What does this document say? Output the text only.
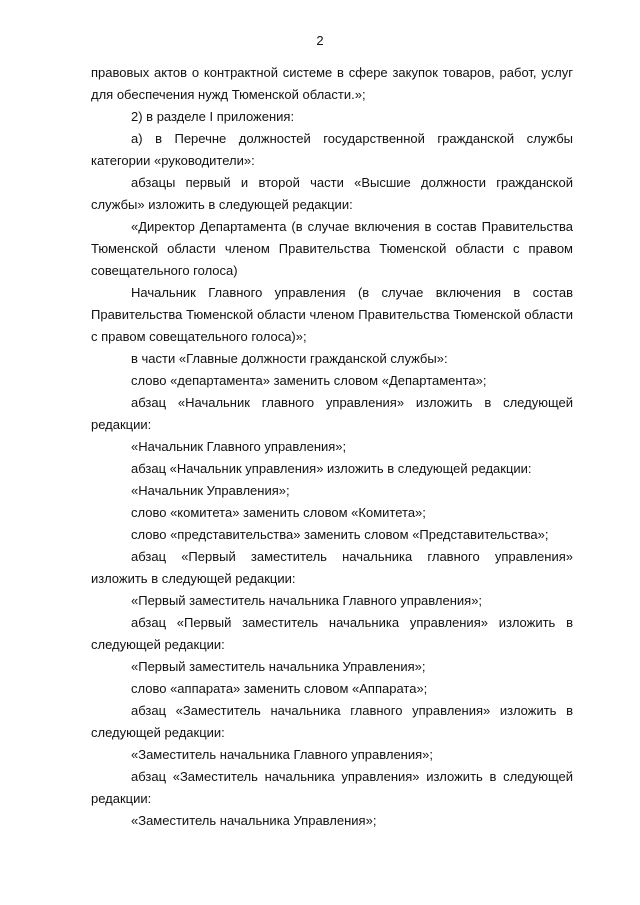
2

правовых актов о контрактной системе в сфере закупок товаров, работ, услуг для обеспечения нужд Тюменской области.»;

2) в разделе I приложения:

а) в Перечне должностей государственной гражданской службы категории «руководители»:

абзацы первый и второй части «Высшие должности гражданской службы» изложить в следующей редакции:

«Директор Департамента (в случае включения в состав Правительства Тюменской области членом Правительства Тюменской области с правом совещательного голоса)

Начальник Главного управления (в случае включения в состав Правительства Тюменской области членом Правительства Тюменской области с правом совещательного голоса)»;

в части «Главные должности гражданской службы»:

слово «департамента» заменить словом «Департамента»;

абзац «Начальник главного управления» изложить в следующей редакции:

«Начальник Главного управления»;

абзац «Начальник управления» изложить в следующей редакции:

«Начальник Управления»;

слово «комитета» заменить словом «Комитета»;

слово «представительства» заменить словом «Представительства»;

абзац «Первый заместитель начальника главного управления» изложить в следующей редакции:

«Первый заместитель начальника Главного управления»;

абзац «Первый заместитель начальника управления» изложить в следующей редакции:

«Первый заместитель начальника Управления»;

слово «аппарата» заменить словом «Аппарата»;

абзац «Заместитель начальника главного управления» изложить в следующей редакции:

«Заместитель начальника Главного управления»;

абзац «Заместитель начальника управления» изложить в следующей редакции:

«Заместитель начальника Управления»;
